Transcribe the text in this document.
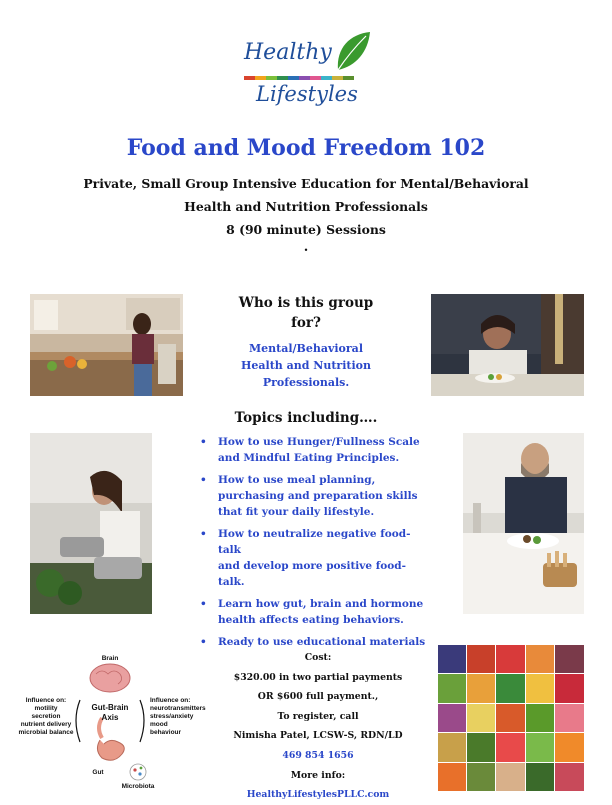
Healthy
Lifestyles
Food and Mood Freedom 102
Private, Small Group Intensive Education for Mental/Behavioral
Health and Nutrition Professionals
8 (90 minute) Sessions
.
Who is this group
for?
Mental/Behavioral
Health and Nutrition
Professionals.
Topics including….
• How to use Hunger/Fullness Scale
and Mindful Eating Principles.
• How to use meal planning,
purchasing and preparation skills
that fit your daily lifestyle.
• How to neutralize negative food-talk
and develop more positive food-talk.
• Learn how gut, brain and hormone
health affects eating behaviors.
• Ready to use educational materials
Brain
Gut-Brain
Axis
Gut
Microbiota
Influence on:
motility
secretion
nutrient delivery
microbial balance
Influence on:
neurotransmitters
stress/anxiety
mood
behaviour
Cost:
$320.00 in two partial payments
OR $600 full payment.,
To register, call
Nimisha Patel, LCSW-S, RDN/LD
469 854 1656
More info:
HealthyLifestylesPLLC.com
